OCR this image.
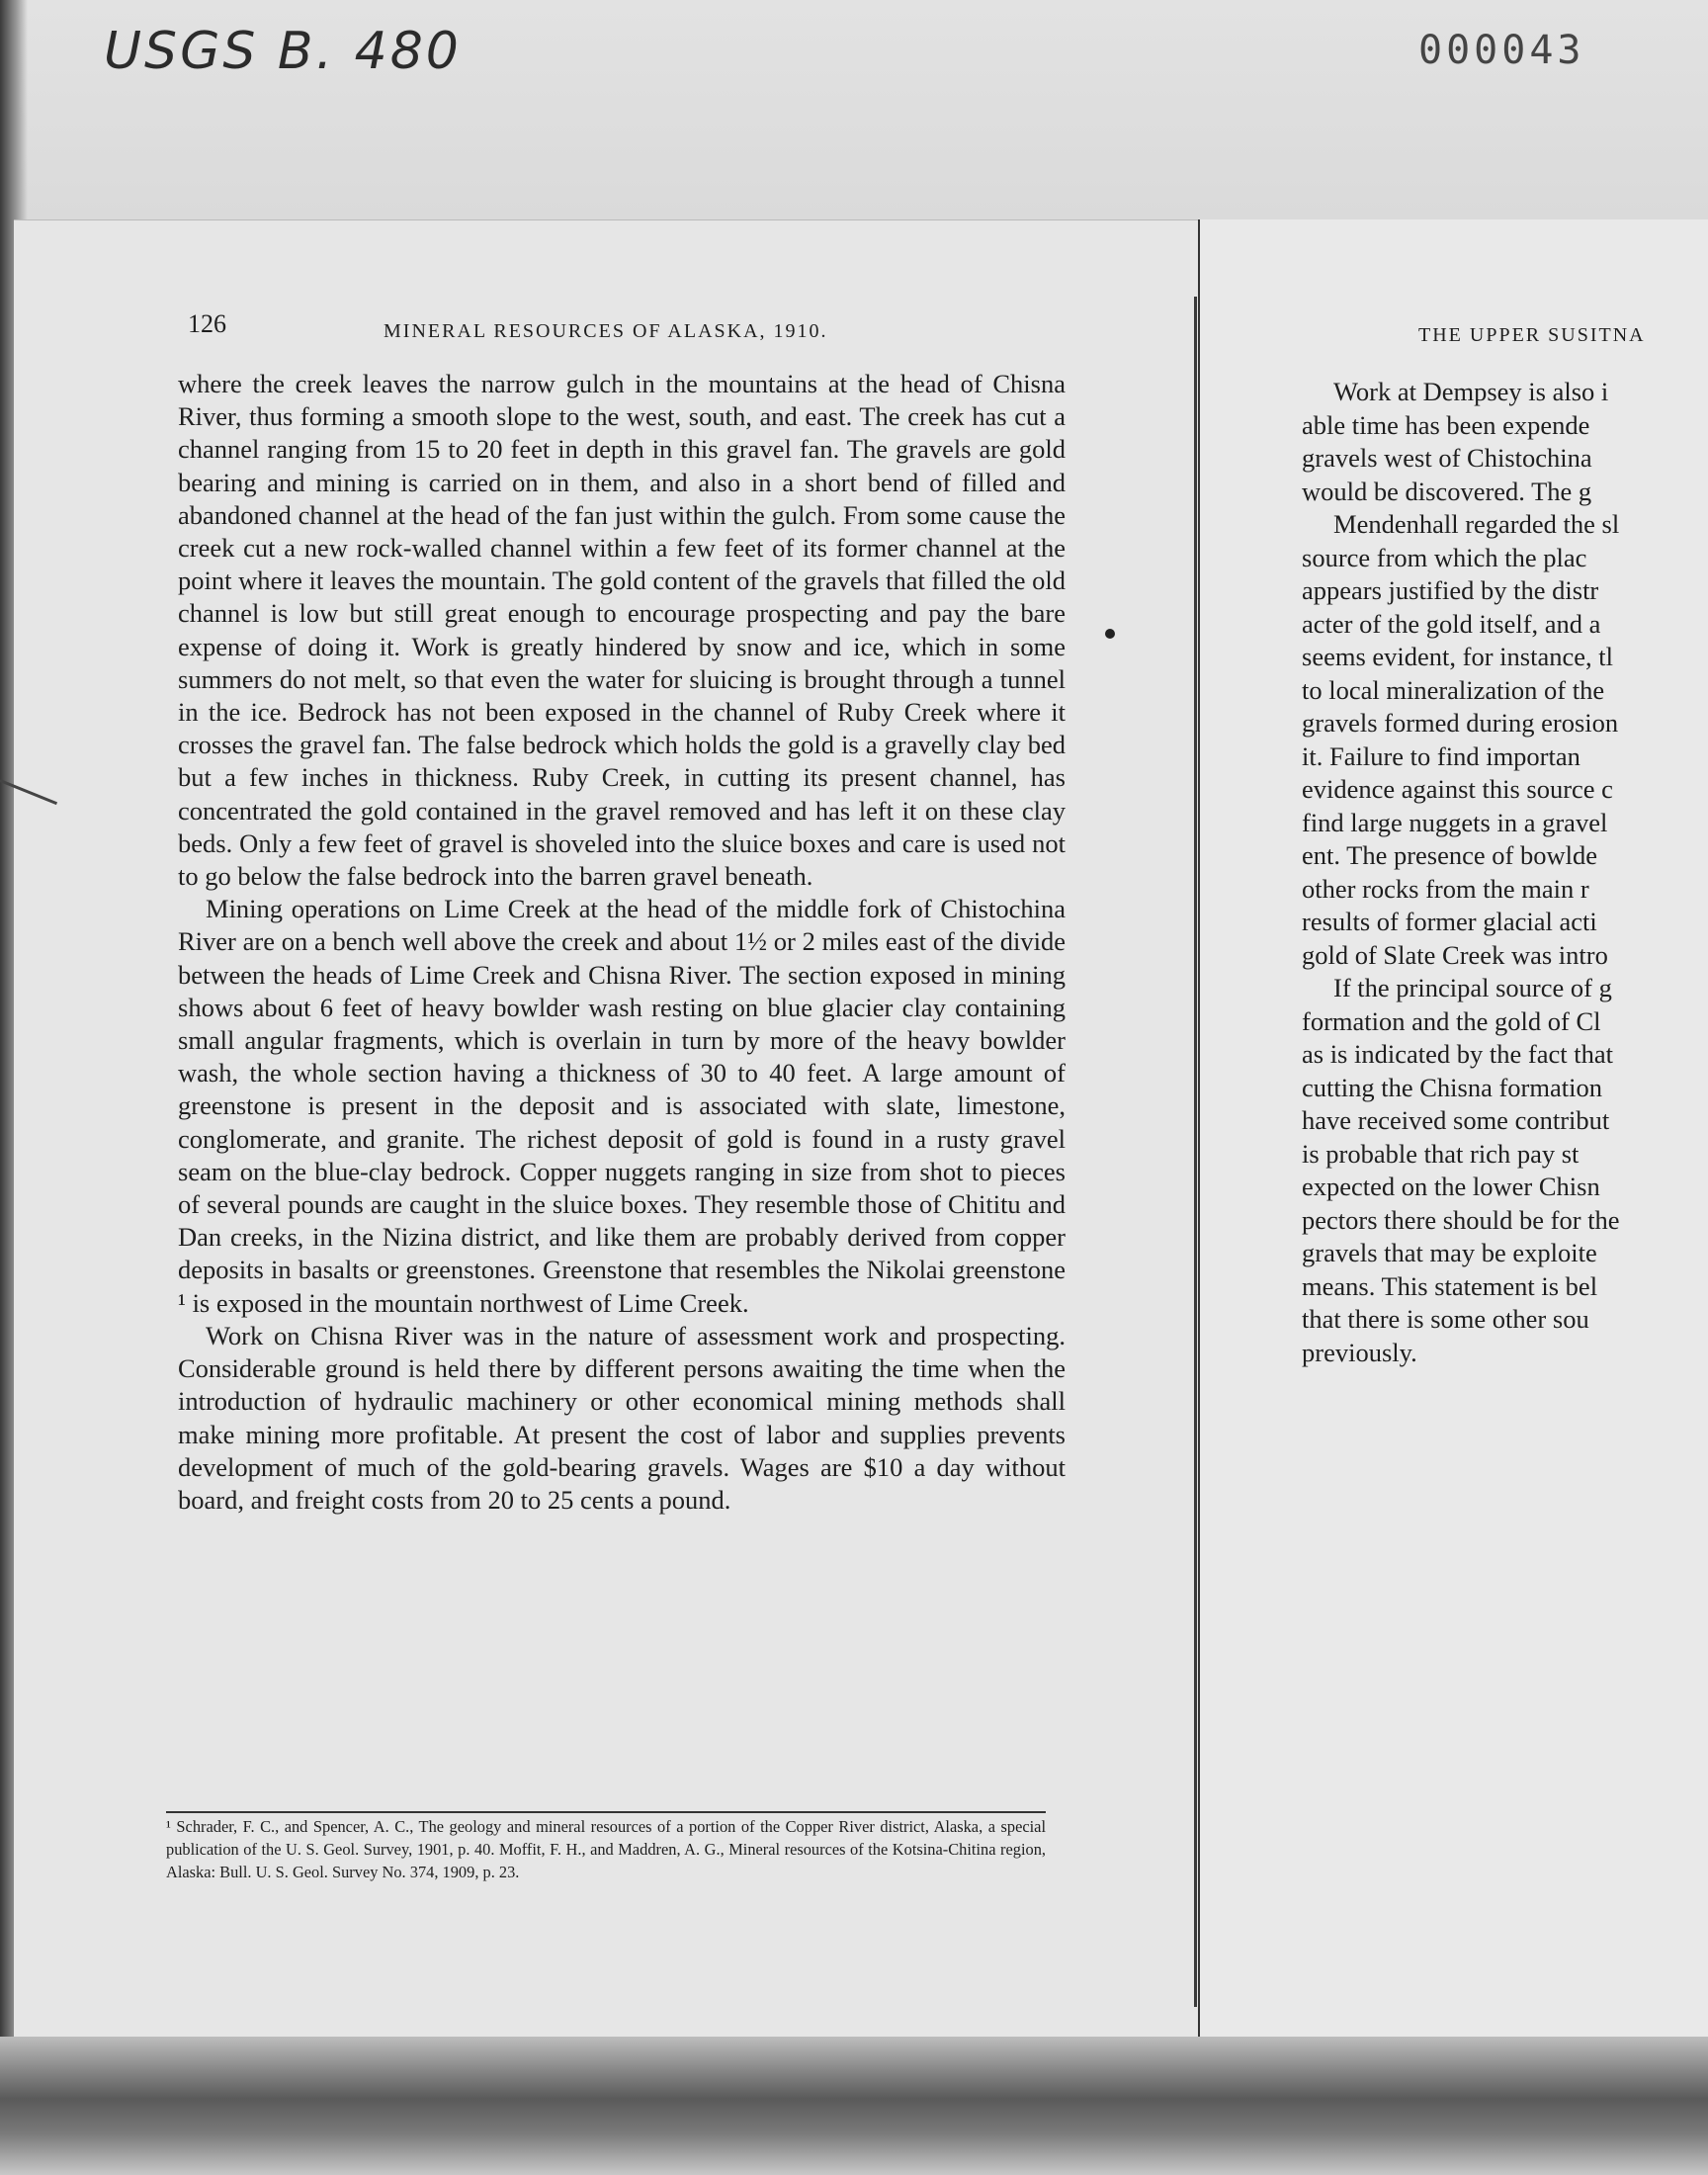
USGS B. 480	000043
126	MINERAL RESOURCES OF ALASKA, 1910.

where the creek leaves the narrow gulch in the mountains at the head of Chisna River, thus forming a smooth slope to the west, south, and east. The creek has cut a channel ranging from 15 to 20 feet in depth in this gravel fan. The gravels are gold bearing and mining is carried on in them, and also in a short bend of filled and abandoned channel at the head of the fan just within the gulch. From some cause the creek cut a new rock-walled channel within a few feet of its former channel at the point where it leaves the mountain. The gold content of the gravels that filled the old channel is low but still great enough to encourage prospecting and pay the bare expense of doing it. Work is greatly hindered by snow and ice, which in some summers do not melt, so that even the water for sluicing is brought through a tunnel in the ice. Bedrock has not been exposed in the channel of Ruby Creek where it crosses the gravel fan. The false bedrock which holds the gold is a gravelly clay bed but a few inches in thickness. Ruby Creek, in cutting its present channel, has concentrated the gold contained in the gravel removed and has left it on these clay beds. Only a few feet of gravel is shoveled into the sluice boxes and care is used not to go below the false bedrock into the barren gravel beneath.

Mining operations on Lime Creek at the head of the middle fork of Chistochina River are on a bench well above the creek and about 1½ or 2 miles east of the divide between the heads of Lime Creek and Chisna River. The section exposed in mining shows about 6 feet of heavy bowlder wash resting on blue glacier clay containing small angular fragments, which is overlain in turn by more of the heavy bowlder wash, the whole section having a thickness of 30 to 40 feet. A large amount of greenstone is present in the deposit and is associated with slate, limestone, conglomerate, and granite. The richest deposit of gold is found in a rusty gravel seam on the blue-clay bedrock. Copper nuggets ranging in size from shot to pieces of several pounds are caught in the sluice boxes. They resemble those of Chititu and Dan creeks, in the Nizina district, and like them are probably derived from copper deposits in basalts or greenstones. Greenstone that resembles the Nikolai greenstone ¹ is exposed in the mountain northwest of Lime Creek.

Work on Chisna River was in the nature of assessment work and prospecting. Considerable ground is held there by different persons awaiting the time when the introduction of hydraulic machinery or other economical mining methods shall make mining more profitable. At present the cost of labor and supplies prevents development of much of the gold-bearing gravels. Wages are $10 a day without board, and freight costs from 20 to 25 cents a pound.

¹ Schrader, F. C., and Spencer, A. C., The geology and mineral resources of a portion of the Copper River district, Alaska, a special publication of the U. S. Geol. Survey, 1901, p. 40. Moffit, F. H., and Maddren, A. G., Mineral resources of the Kotsina-Chitina region, Alaska: Bull. U. S. Geol. Survey No. 374, 1909, p. 23.
THE UPPER SUSITNA
Work at Dempsey is also i
able time has been expende
gravels west of Chistochina
would be discovered. The g
Mendenhall regarded the sl
source from which the plac
appears justified by the distr
acter of the gold itself, and a
seems evident, for instance, tl
to local mineralization of the
gravels formed during erosion
it. Failure to find importan
evidence against this source c
find large nuggets in a gravel
ent. The presence of bowlde
other rocks from the main r
results of former glacial acti
gold of Slate Creek was intro
If the principal source of g
formation and the gold of Cl
as is indicated by the fact that
cutting the Chisna formation
have received some contribut
is probable that rich pay st
expected on the lower Chisn
pectors there should be for the
gravels that may be exploite
means. This statement is bel
that there is some other sou
previously.
